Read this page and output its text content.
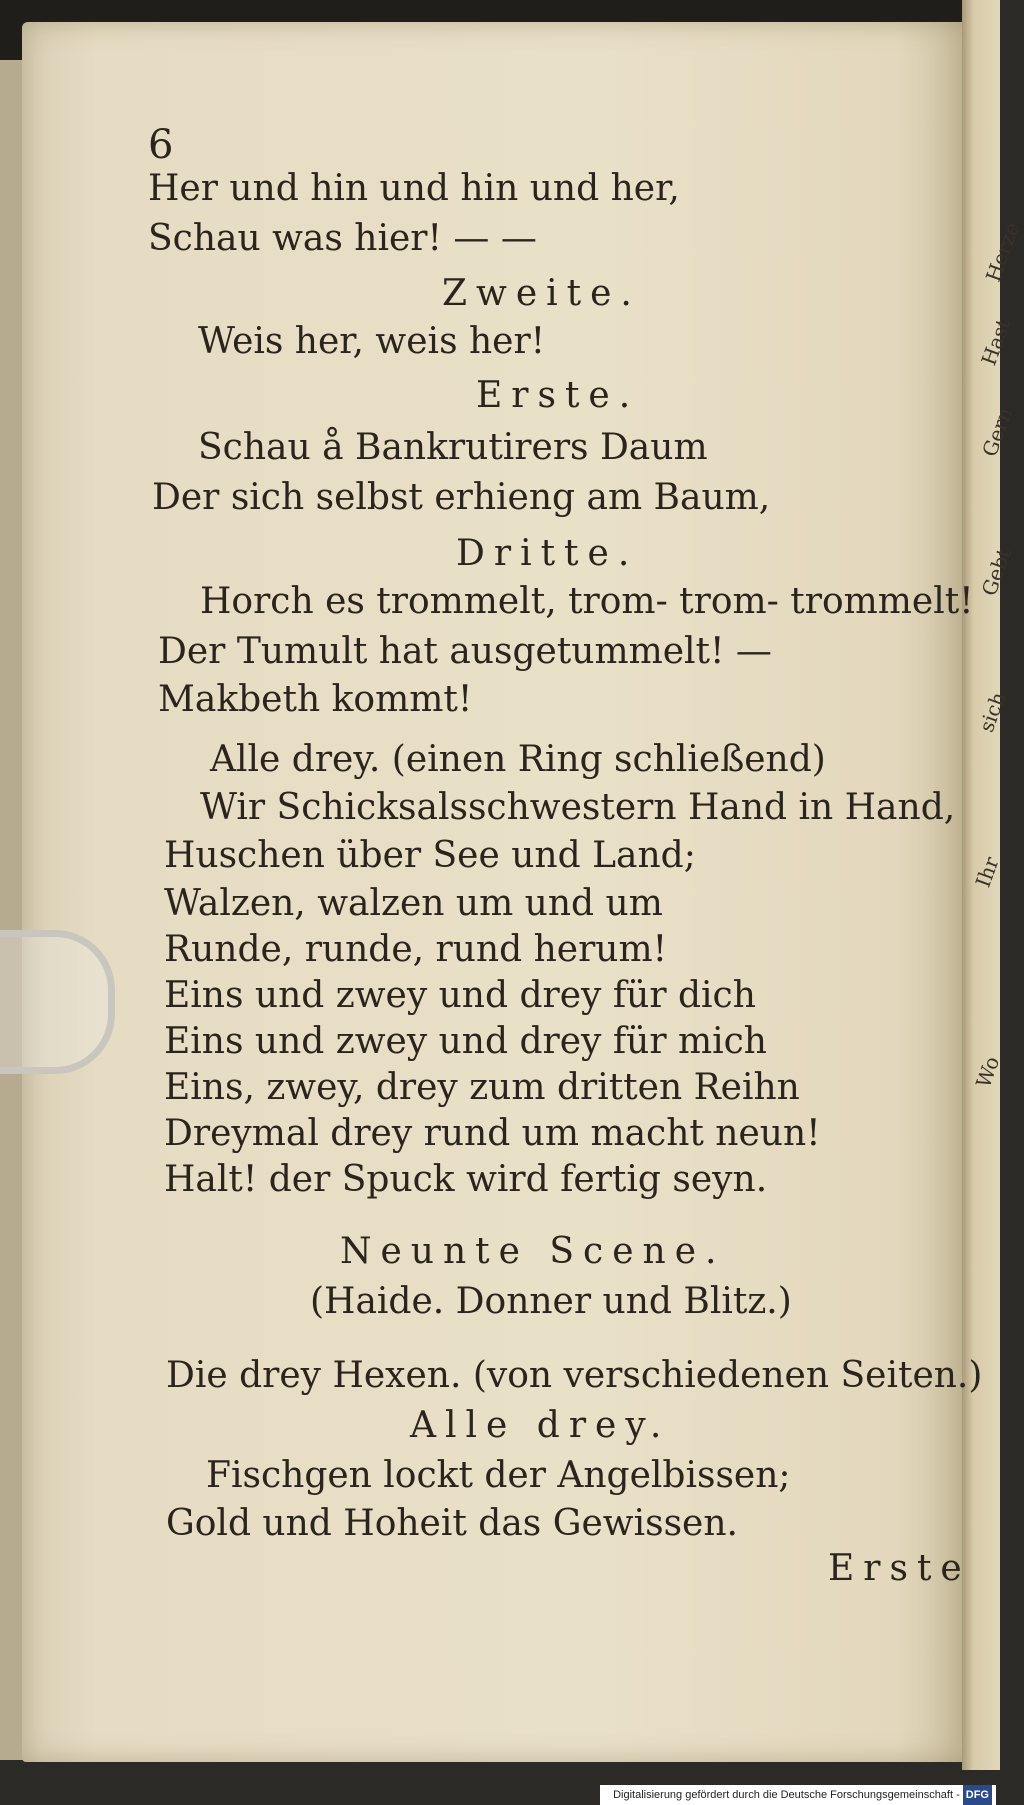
Herze
Hast
Gern
Gebt
sich
Ihr
Wo
6
Digitalisierung gefördert durch die Deutsche Forschungsgemeinschaft - DFG
Her und hin und hin und her,
Schau was hier! — —
Zweite.
Weis her, weis her!
Erste.
Schau å Bankrutirers Daum
Der sich selbst erhieng am Baum,
Dritte.
Horch es trommelt, trom- trom- trommelt!
Der Tumult hat ausgetummelt! —
Makbeth kommt!
Alle drey. (einen Ring schließend)
Wir Schicksalsschwestern Hand in Hand,
Huschen über See und Land;
Walzen, walzen um und um
Runde, runde, rund herum!
Eins und zwey und drey für dich
Eins und zwey und drey für mich
Eins, zwey, drey zum dritten Reihn
Dreymal drey rund um macht neun!
Halt! der Spuck wird fertig seyn.
Neunte Scene.
(Haide. Donner und Blitz.)
Die drey Hexen. (von verschiedenen Seiten.)
Alle drey.
Fischgen lockt der Angelbissen;
Gold und Hoheit das Gewissen.
Erste
